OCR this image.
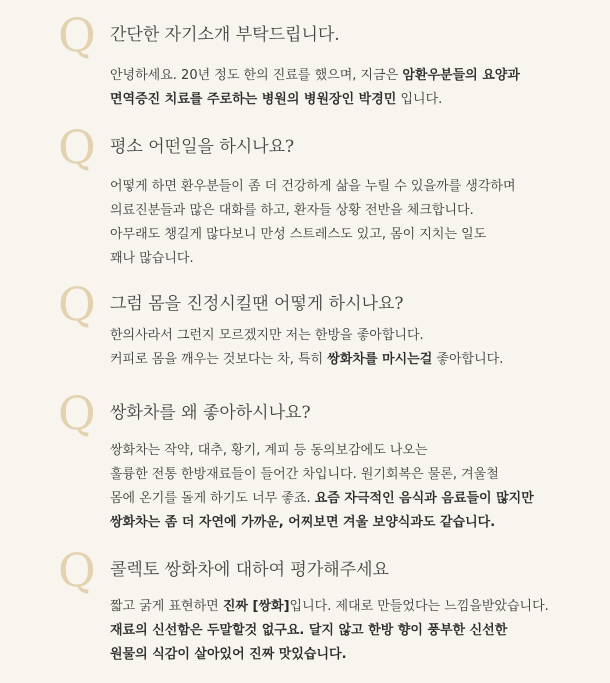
Q 간단한 자기소개 부탁드립니다.
안녕하세요. 20년 정도 한의 진료를 했으며, 지금은 암환우분들의 요양과
면역증진 치료를 주로하는 병원의 병원장인 박경민 입니다.
Q 평소 어떤일을 하시나요?
어떻게 하면 환우분들이 좀 더 건강하게 삶을 누릴 수 있을까를 생각하며
의료진분들과 많은 대화를 하고, 환자들 상황 전반을 체크합니다.
아무래도 챙길게 많다보니 만성 스트레스도 있고, 몸이 지치는 일도
꽤나 많습니다.
Q 그럼 몸을 진정시킬땐 어떻게 하시나요?
한의사라서 그런지 모르겠지만 저는 한방을 좋아합니다.
커피로 몸을 깨우는 것보다는 차, 특히 쌍화차를 마시는걸 좋아합니다.
Q 쌍화차를 왜 좋아하시나요?
쌍화차는 작약, 대추, 황기, 계피 등 동의보감에도 나오는
훌륭한 전통 한방재료들이 들어간 차입니다. 원기회복은 물론, 겨울철
몸에 온기를 돌게 하기도 너무 좋죠. 요즘 자극적인 음식과 음료들이 많지만
쌍화차는 좀 더 자연에 가까운, 어찌보면 겨울 보양식과도 같습니다.
Q 콜렉토 쌍화차에 대하여 평가해주세요
짧고 굵게 표현하면 진짜 [쌍화]입니다. 제대로 만들었다는 느낌을받았습니다.
재료의 신선함은 두말할것 없구요. 달지 않고 한방 향이 풍부한 신선한
원물의 식감이 살아있어 진짜 맛있습니다.
